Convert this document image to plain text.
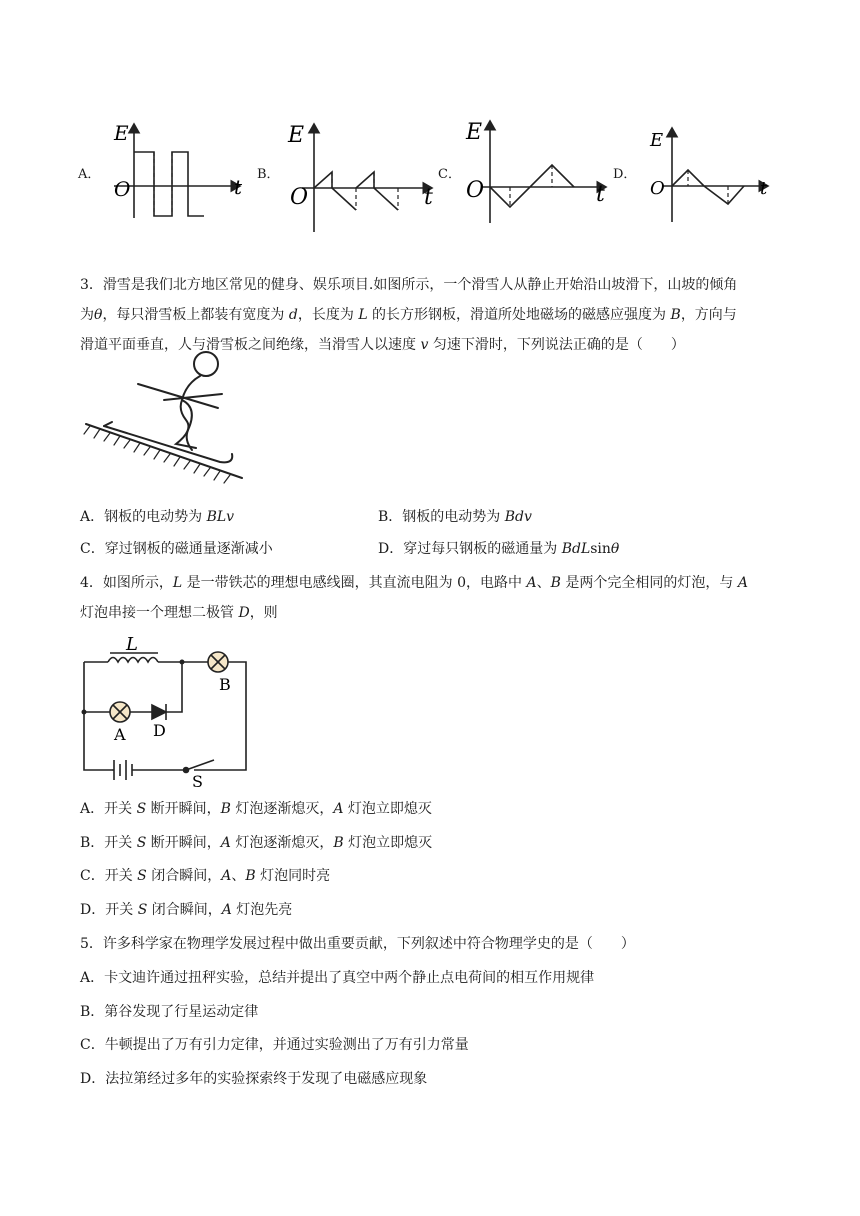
A．
E
O	t
B．
E
O	t
C．
E
O	t
D．
E
O	t
3．滑雪是我们北方地区常见的健身、娱乐项目.如图所示，一个滑雪人从静止开始沿山坡滑下，山坡的倾角
为θ，每只滑雪板上都装有宽度为 d，长度为 L 的长方形钢板，滑道所处地磁场的磁感应强度为 B，方向与
滑道平面垂直，人与滑雪板之间绝缘，当滑雪人以速度 v 匀速下滑时，下列说法正确的是（　　）
A．钢板的电动势为 BLv	B．钢板的电动势为 Bdv
C．穿过钢板的磁通量逐渐减小	D．穿过每只钢板的磁通量为 BdLsinθ
4．如图所示，L 是一带铁芯的理想电感线圈，其直流电阻为 0，电路中 A、B 是两个完全相同的灯泡，与 A
灯泡串接一个理想二极管 D，则
L
B
A D
S
A．开关 S 断开瞬间，B 灯泡逐渐熄灭，A 灯泡立即熄灭
B．开关 S 断开瞬间，A 灯泡逐渐熄灭，B 灯泡立即熄灭
C．开关 S 闭合瞬间，A、B 灯泡同时亮
D．开关 S 闭合瞬间，A 灯泡先亮
5．许多科学家在物理学发展过程中做出重要贡献，下列叙述中符合物理学史的是（　　）
A．卡文迪许通过扭秤实验，总结并提出了真空中两个静止点电荷间的相互作用规律
B．第谷发现了行星运动定律
C．牛顿提出了万有引力定律，并通过实验测出了万有引力常量
D．法拉第经过多年的实验探索终于发现了电磁感应现象
